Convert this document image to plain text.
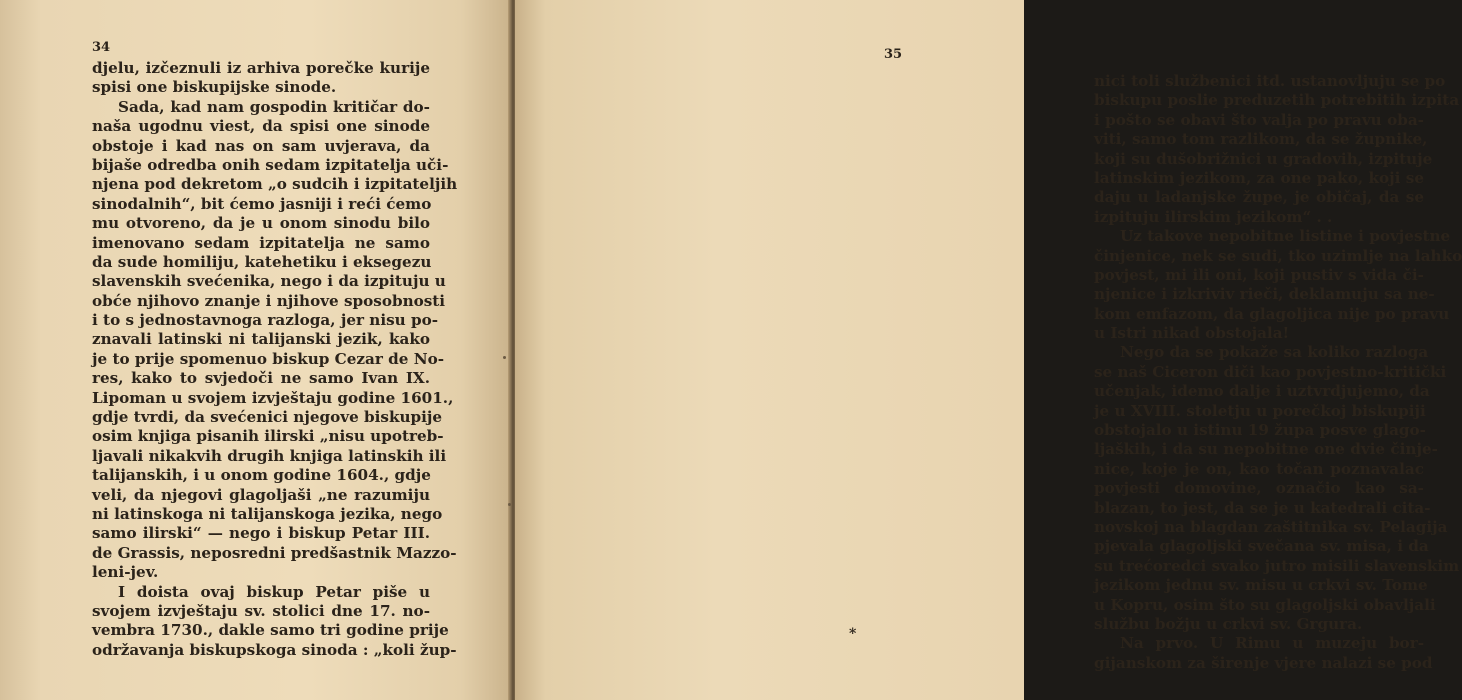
34
djelu, izčeznuli iz arhiva porečke kurije
spisi one biskupijske sinode.
Sada, kad nam gospodin kritičar do-
naša ugodnu viest, da spisi one sinode
obstoje i kad nas on sam uvjerava, da
bijaše odredba onih sedam izpitatelja uči-
njena pod dekretom „o sudcih i izpitateljih
sinodalnih“, bit ćemo jasniji i reći ćemo
mu otvoreno, da je u onom sinodu bilo
imenovano sedam izpitatelja ne samo
da sude homiliju, katehetiku i eksegezu
slavenskih svećenika, nego i da izpituju u
obće njihovo znanje i njihove sposobnosti
i to s jednostavnoga razloga, jer nisu po-
znavali latinski ni talijanski jezik, kako
je to prije spomenuo biskup Cezar de No-
res, kako to svjedoči ne samo Ivan IX.
Lipoman u svojem izvještaju godine 1601.,
gdje tvrdi, da svećenici njegove biskupije
osim knjiga pisanih ilirski „nisu upotreb-
ljavali nikakvih drugih knjiga latinskih ili
talijanskih, i u onom godine 1604., gdje
veli, da njegovi glagoljaši „ne razumiju
ni latinskoga ni talijanskoga jezika, nego
samo ilirski“ — nego i biskup Petar III.
de Grassis, neposredni predšastnik Mazzo-
leni-jev.
I doista ovaj biskup Petar piše u
svojem izvještaju sv. stolici dne 17. no-
vembra 1730., dakle samo tri godine prije
održavanja biskupskoga sinoda : „koli žup-
nici toli službenici itd. ustanovljuju se po
biskupu poslie preduzetih potrebitih izpita
i pošto se obavi što valja po pravu oba-
viti, samo tom razlikom, da se župnike,
koji su dušobrižnici u gradovih, izpituje
latinskim jezikom, za one pako, koji se
daju u ladanjske župe, je običaj, da se
izpituju ilirskim jezikom“ . .
Uz takove nepobitne listine i povjestne
činjenice, nek se sudi, tko uzimlje na lahko
povjest, mi ili oni, koji pustiv s vida či-
njenice i izkriviv rieči, deklamuju sa ne-
kom emfazom, da glagoljica nije po pravu
u Istri nikad obstojala!
Nego da se pokaže sa koliko razloga
se naš Ciceron diči kao povjestno-kritički
učenjak, idemo dalje i uztvrdjujemo, da
je u XVIII. stoletju u porečkoj biskupiji
obstojalo u istinu 19 župa posve glago-
ljaških, i da su nepobitne one dvie činje-
nice, koje je on, kao točan poznavalac
povjesti domovine, označio kao sa-
blazan, to jest, da se je u katedrali cita-
novskoj na blagdan zaštitnika sv. Pelagija
pjevala glagoljski svečana sv. misa, i da
su trećoredci svako jutro misili slavenskim
jezikom jednu sv. misu u crkvi sv. Tome
u Kopru, osim što su glagoljski obavljali
službu božju u crkvi sv. Grgura.
Na prvo. U Rimu u muzeju bor-
gijanskom za širenje vjere nalazi se pod
35
*
